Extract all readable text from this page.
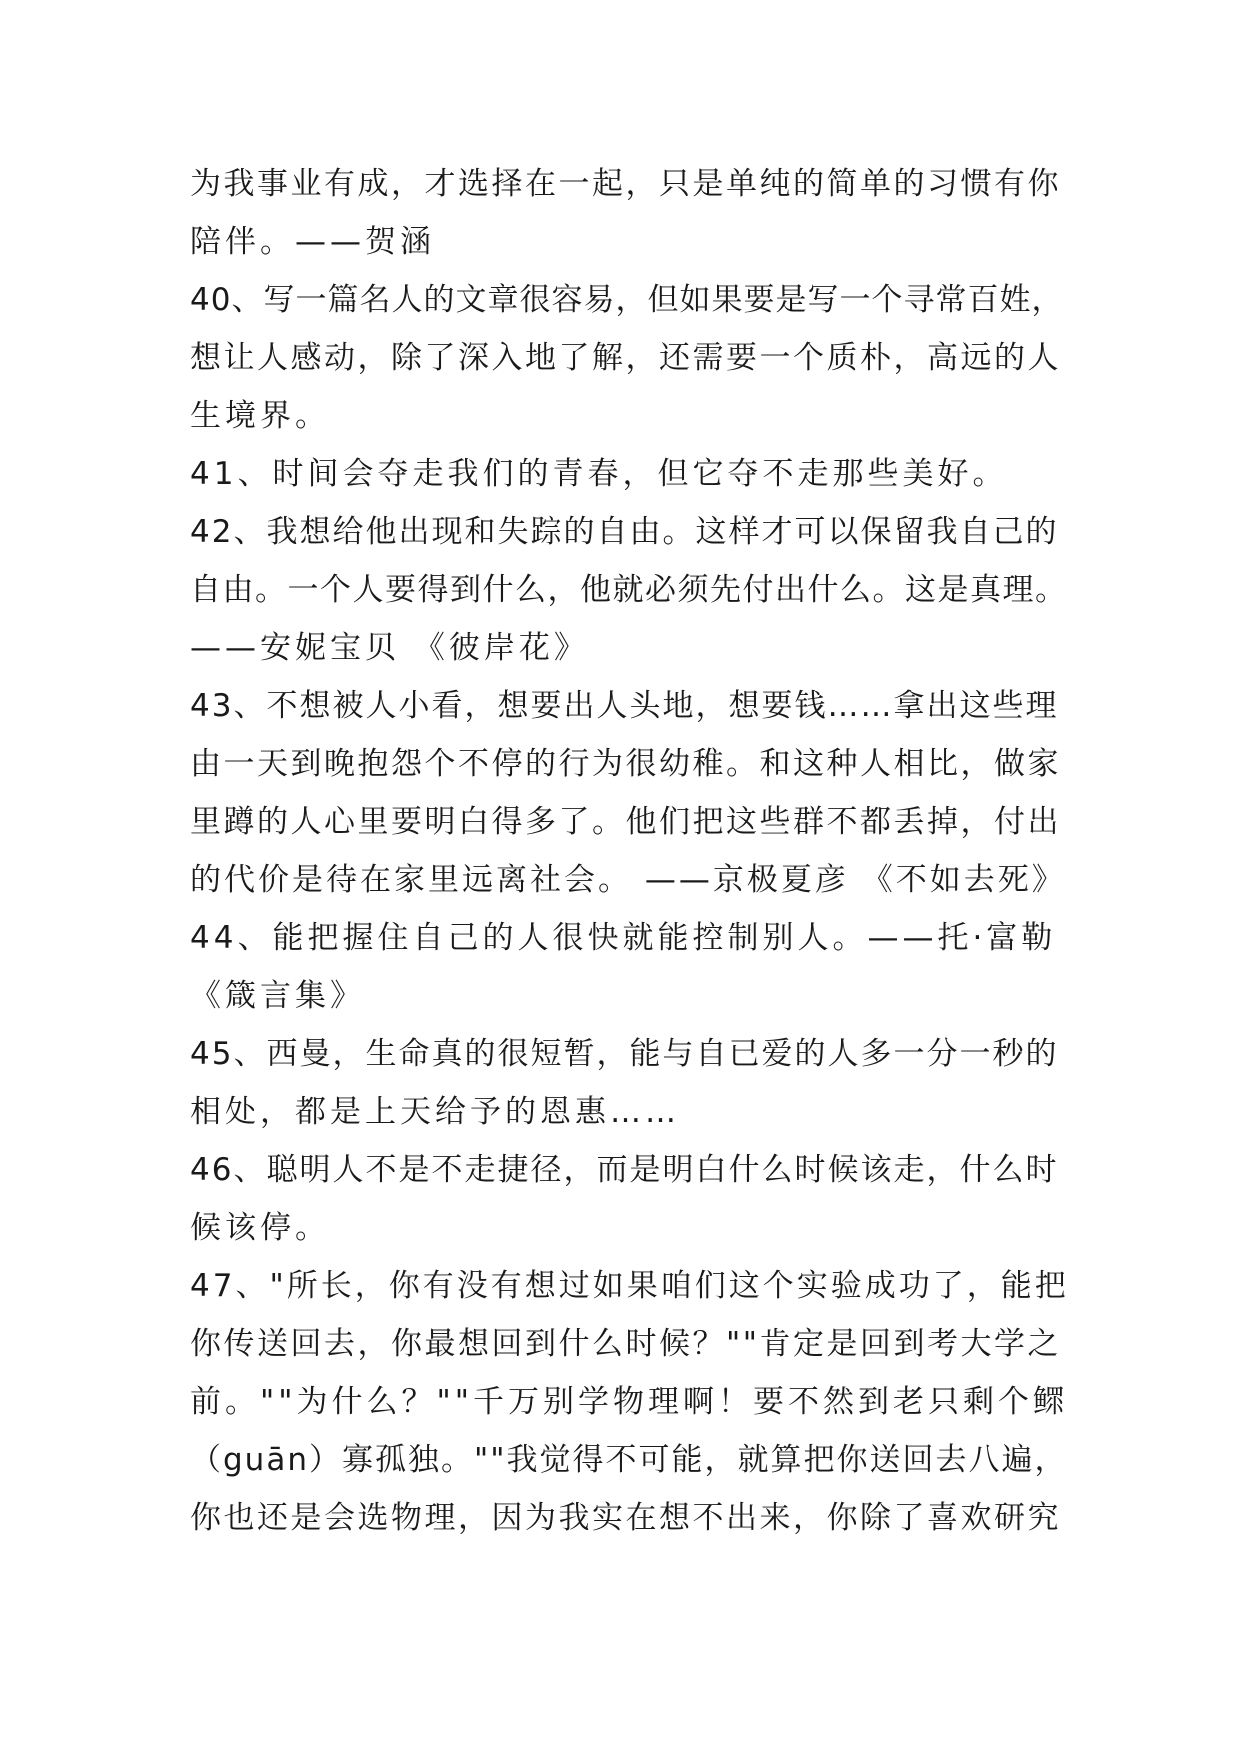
为我事业有成，才选择在一起，只是单纯的简单的习惯有你
陪伴。——贺涵
40、写一篇名人的文章很容易，但如果要是写一个寻常百姓，
想让人感动，除了深入地了解，还需要一个质朴，高远的人
生境界。
41、时间会夺走我们的青春，但它夺不走那些美好。
42、我想给他出现和失踪的自由。这样才可以保留我自己的
自由。一个人要得到什么，他就必须先付出什么。这是真理。
——安妮宝贝 《彼岸花》
43、不想被人小看，想要出人头地，想要钱……拿出这些理
由一天到晚抱怨个不停的行为很幼稚。和这种人相比，做家
里蹲的人心里要明白得多了。他们把这些群不都丢掉，付出
的代价是待在家里远离社会。 ——京极夏彦 《不如去死》
44、能把握住自己的人很快就能控制别人。——托·富勒
《箴言集》
45、西曼，生命真的很短暂，能与自已爱的人多一分一秒的
相处，都是上天给予的恩惠……
46、聪明人不是不走捷径，而是明白什么时候该走，什么时
候该停。
47、"所长，你有没有想过如果咱们这个实验成功了，能把
你传送回去，你最想回到什么时候？""肯定是回到考大学之
前。""为什么？""千万别学物理啊！要不然到老只剩个鳏
（guān）寡孤独。""我觉得不可能，就算把你送回去八遍，
你也还是会选物理，因为我实在想不出来，你除了喜欢研究
